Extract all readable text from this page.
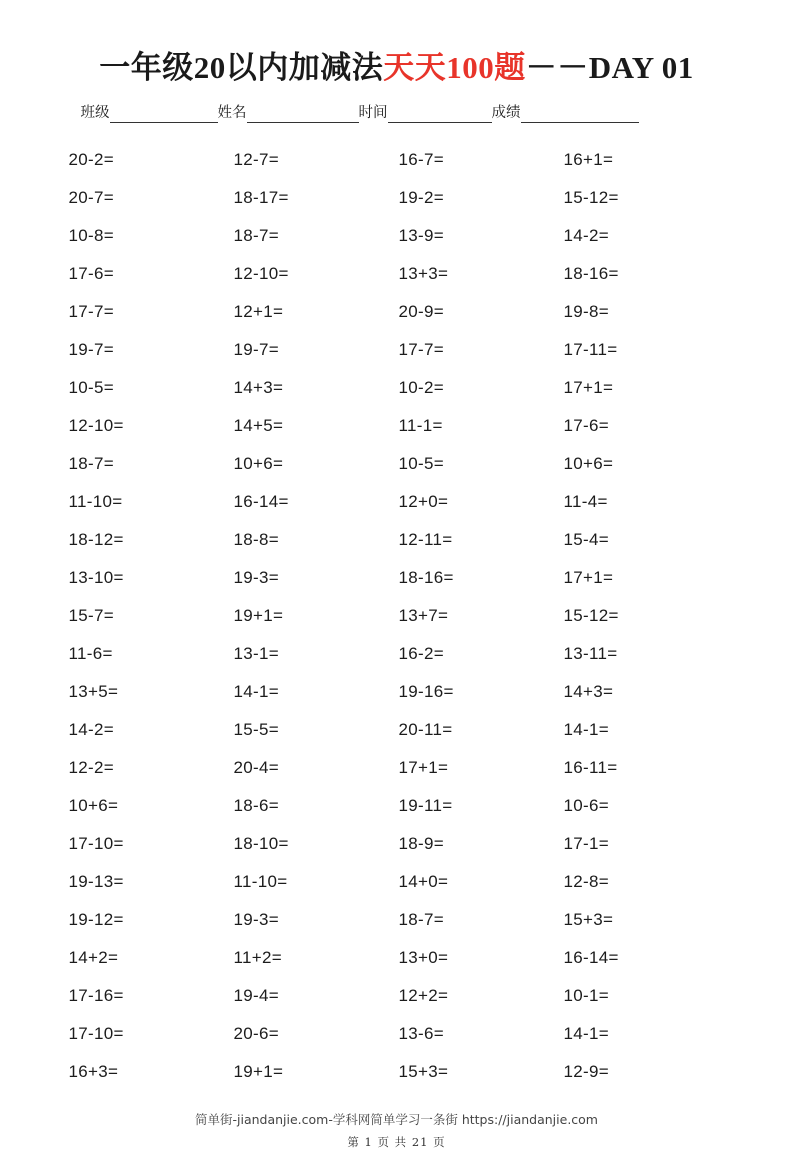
一年级20以内加减法天天100题－－DAY 01
班级	姓名	时间	成绩
20-2=	12-7=	16-7=	16+1=
20-7=	18-17=	19-2=	15-12=
10-8=	18-7=	13-9=	14-2=
17-6=	12-10=	13+3=	18-16=
17-7=	12+1=	20-9=	19-8=
19-7=	19-7=	17-7=	17-11=
10-5=	14+3=	10-2=	17+1=
12-10=	14+5=	11-1=	17-6=
18-7=	10+6=	10-5=	10+6=
11-10=	16-14=	12+0=	11-4=
18-12=	18-8=	12-11=	15-4=
13-10=	19-3=	18-16=	17+1=
15-7=	19+1=	13+7=	15-12=
11-6=	13-1=	16-2=	13-11=
13+5=	14-1=	19-16=	14+3=
14-2=	15-5=	20-11=	14-1=
12-2=	20-4=	17+1=	16-11=
10+6=	18-6=	19-11=	10-6=
17-10=	18-10=	18-9=	17-1=
19-13=	11-10=	14+0=	12-8=
19-12=	19-3=	18-7=	15+3=
14+2=	11+2=	13+0=	16-14=
17-16=	19-4=	12+2=	10-1=
17-10=	20-6=	13-6=	14-1=
16+3=	19+1=	15+3=	12-9=
简单街-jiandanjie.com-学科网简单学习一条街 https://jiandanjie.com
第 1 页 共 21 页
